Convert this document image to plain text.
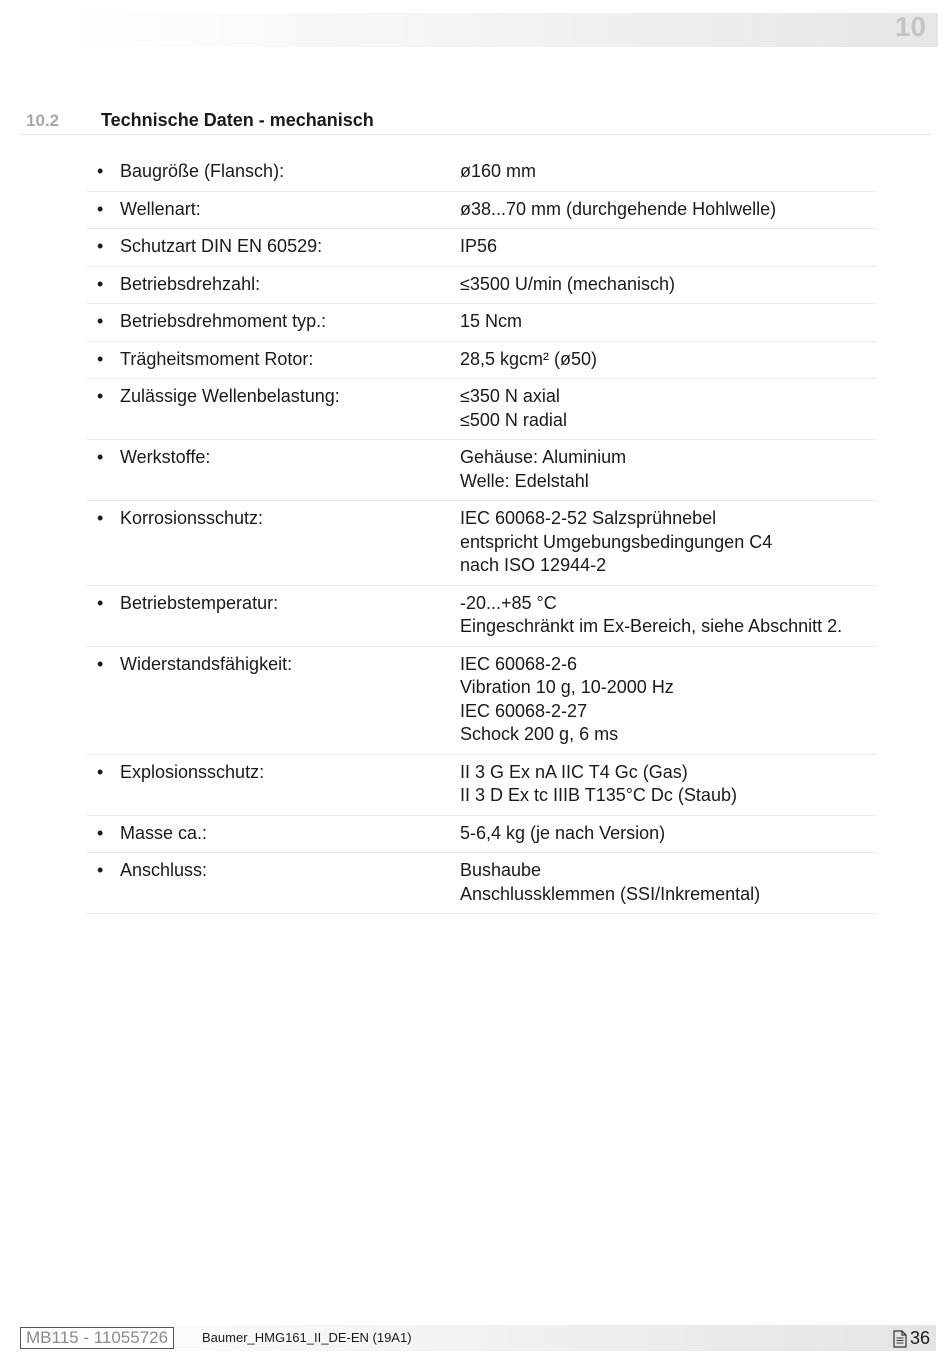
10
10.2 Technische Daten - mechanisch
• Baugröße (Flansch):	ø160 mm
• Wellenart:	ø38...70 mm (durchgehende Hohlwelle)
• Schutzart DIN EN 60529:	IP56
• Betriebsdrehzahl:	≤3500 U/min (mechanisch)
• Betriebsdrehmoment typ.:	15 Ncm
• Trägheitsmoment Rotor:	28,5 kgcm² (ø50)
• Zulässige Wellenbelastung:	≤350 N axial
≤500 N radial
• Werkstoffe:	Gehäuse: Aluminium
Welle: Edelstahl
• Korrosionsschutz:	IEC 60068-2-52 Salzsprühnebel
entspricht Umgebungsbedingungen C4
nach ISO 12944-2
• Betriebstemperatur:	-20...+85 °C
Eingeschränkt im Ex-Bereich, siehe Abschnitt 2.
• Widerstandsfähigkeit:	IEC 60068-2-6
Vibration 10 g, 10-2000 Hz
IEC 60068-2-27
Schock 200 g, 6 ms
• Explosionsschutz:	II 3 G Ex nA IIC T4 Gc (Gas)
II 3 D Ex tc IIIB T135°C Dc (Staub)
• Masse ca.:	5-6,4 kg (je nach Version)
• Anschluss:	Bushaube
Anschlussklemmen (SSI/Inkremental)
MB115 - 11055726	Baumer_HMG161_II_DE-EN (19A1)	36
